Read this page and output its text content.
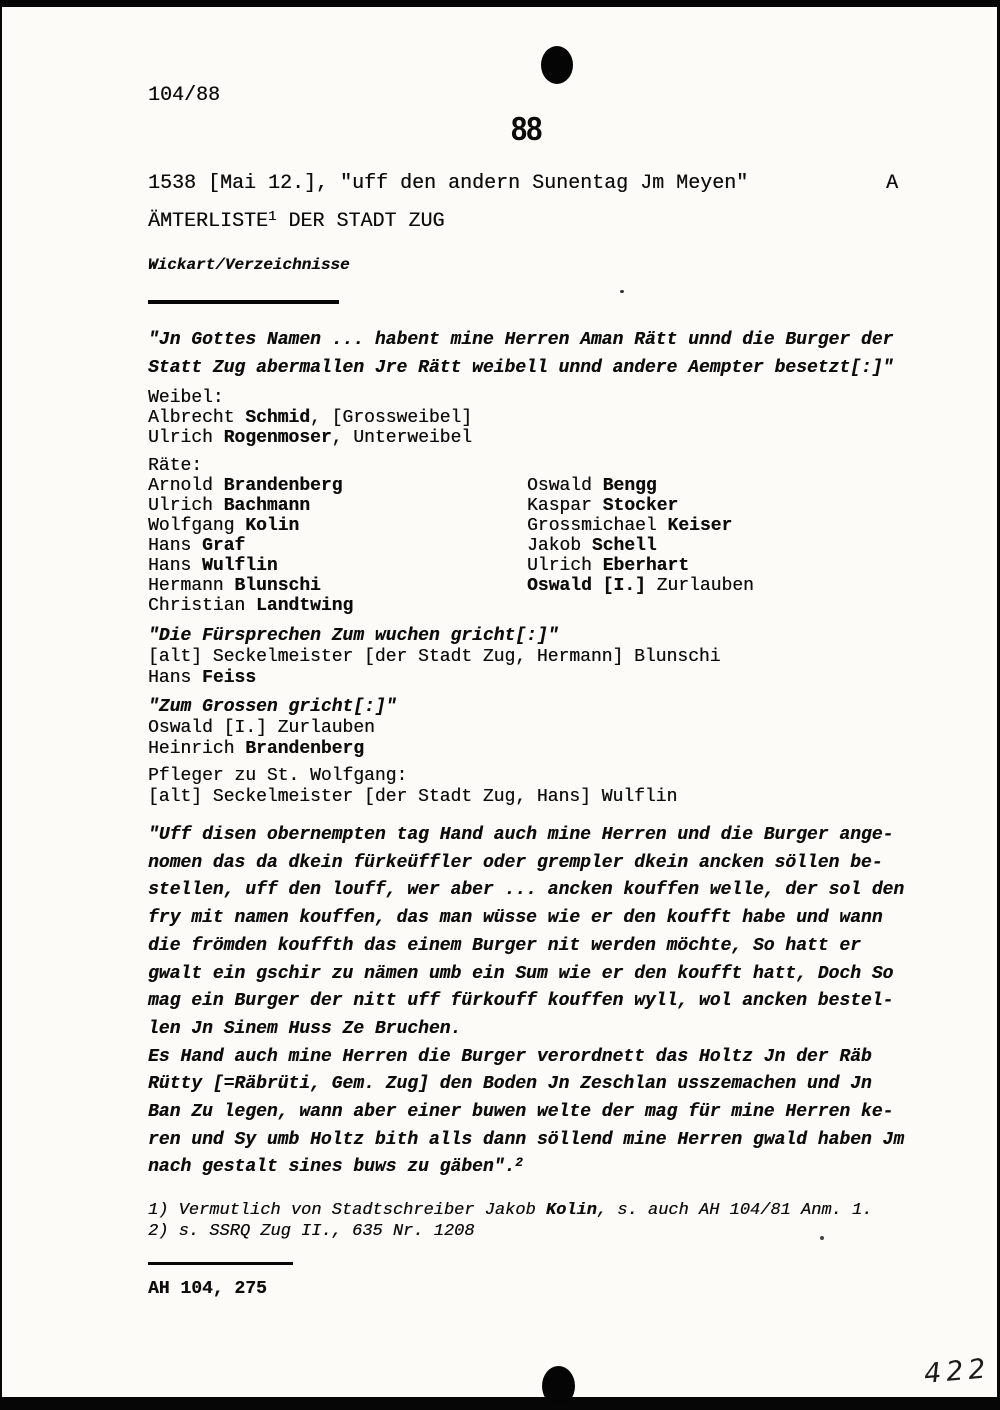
104/88
88
1538 [Mai 12.], "uff den andern Sunentag Jm Meyen"	A
ÄMTERLISTE$^1$ DER STADT ZUG
Wickart/Verzeichnisse
"Jn Gottes Namen ... habent mine Herren Aman Rätt unnd die Burger der
Statt Zug abermallen Jre Rätt weibell unnd andere Aempter besetzt[:]"
Weibel:
Albrecht Schmid, [Grossweibel]
Ulrich Rogenmoser, Unterweibel
Räte:
Arnold Brandenberg
Ulrich Bachmann
Wolfgang Kolin
Hans Graf
Hans Wulflin
Hermann Blunschi
Christian Landtwing
Oswald Bengg
Kaspar Stocker
Grossmichael Keiser
Jakob Schell
Ulrich Eberhart
Oswald [I.] Zurlauben
"Die Fürsprechen Zum wuchen gricht[:]"
[alt] Seckelmeister [der Stadt Zug, Hermann] Blunschi
Hans Feiss
"Zum Grossen gricht[:]"
Oswald [I.] Zurlauben
Heinrich Brandenberg
Pfleger zu St. Wolfgang:
[alt] Seckelmeister [der Stadt Zug, Hans] Wulflin
"Uff disen obernempten tag Hand auch mine Herren und die Burger ange-
nomen das da dkein fürkeüffler oder grempler dkein ancken söllen be-
stellen, uff den louff, wer aber ... ancken kouffen welle, der sol den
fry mit namen kouffen, das man wüsse wie er den koufft habe und wann
die frömden kouffth das einem Burger nit werden möchte, So hatt er
gwalt ein gschir zu nämen umb ein Sum wie er den koufft hatt, Doch So
mag ein Burger der nitt uff fürkouff kouffen wyll, wol ancken bestel-
len Jn Sinem Huss Ze Bruchen.
Es Hand auch mine Herren die Burger verordnett das Holtz Jn der Räb
Rütty [=Räbrüti, Gem. Zug] den Boden Jn Zeschlan usszemachen und Jn
Ban Zu legen, wann aber einer buwen welte der mag für mine Herren ke-
ren und Sy umb Holtz bith alls dann söllend mine Herren gwald haben Jm
nach gestalt sines buws zu gäben".$^2$
1) Vermutlich von Stadtschreiber Jakob Kolin, s. auch AH 104/81 Anm. 1.
2) s. SSRQ Zug II., 635 Nr. 1208
AH 104, 275
422
